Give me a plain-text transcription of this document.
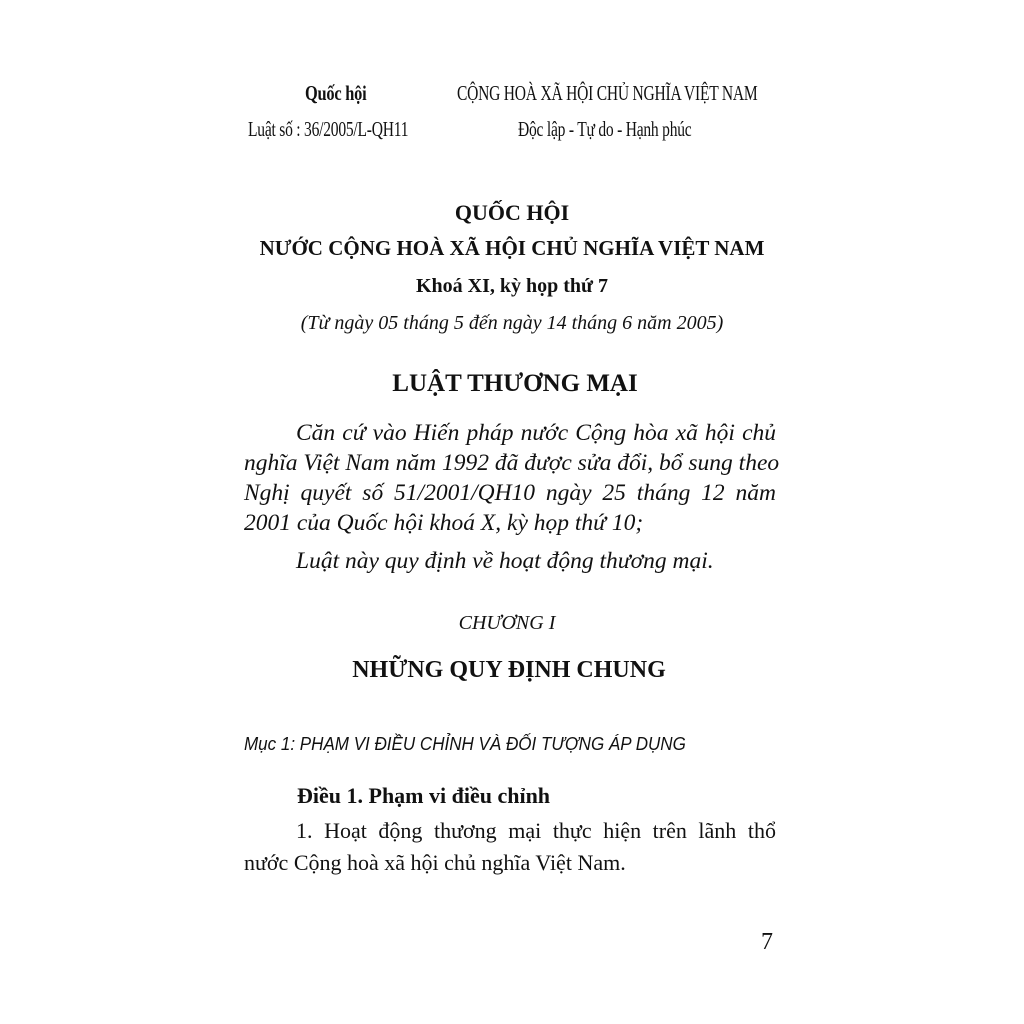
Quốc hội	CỘNG HOÀ XÃ HỘI CHỦ NGHĨA VIỆT NAM
Luật số : 36/2005/L-QH11	Độc lập - Tự do - Hạnh phúc
QUỐC HỘI
NƯỚC CỘNG HOÀ XÃ HỘI CHỦ NGHĨA VIỆT NAM
Khoá XI, kỳ họp thứ 7
(Từ ngày 05 tháng 5 đến ngày 14 tháng 6 năm 2005)
LUẬT THƯƠNG MẠI
Căn cứ vào Hiến pháp nước Cộng hòa xã hội chủ
nghĩa Việt Nam năm 1992 đã được sửa đổi, bổ sung theo
Nghị quyết số 51/2001/QH10 ngày 25 tháng 12 năm
2001 của Quốc hội khoá X, kỳ họp thứ 10;
Luật này quy định về hoạt động thương mại.
CHƯƠNG I
NHỮNG QUY ĐỊNH CHUNG
Mục 1: PHẠM VI ĐIỀU CHỈNH VÀ ĐỐI TƯỢNG ÁP DỤNG
Điều 1. Phạm vi điều chỉnh
1. Hoạt động thương mại thực hiện trên lãnh thổ
nước Cộng hoà xã hội chủ nghĩa Việt Nam.
7
